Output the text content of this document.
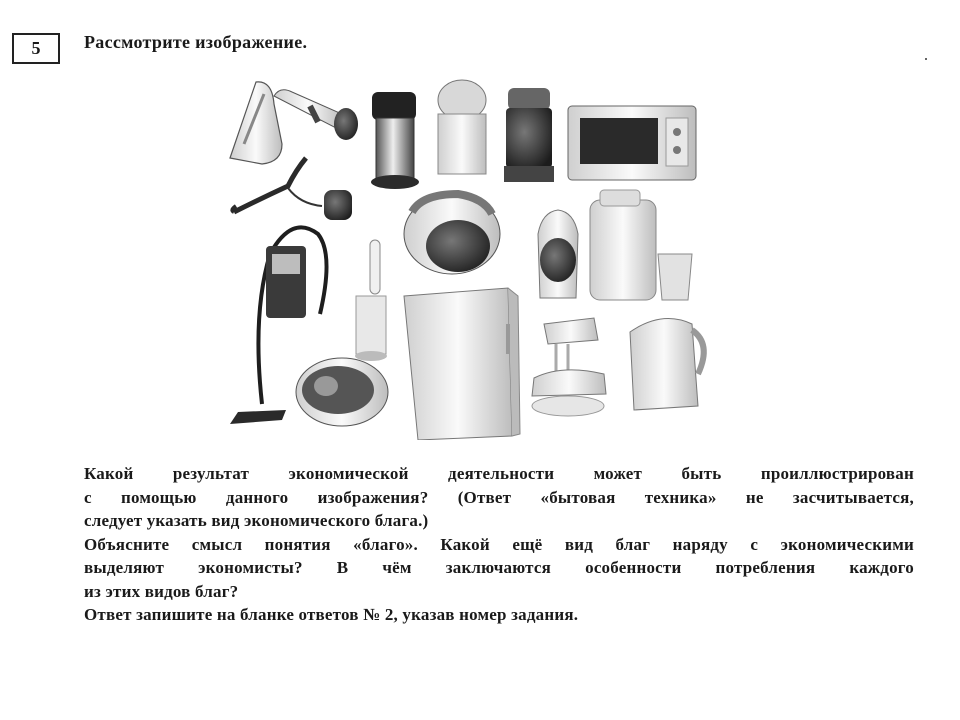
5 Рассмотрите изображение.

Какой результат экономической деятельности может быть проиллюстрирован

с помощью данного изображения? (Ответ «бытовая техника» не засчитывается,

следует указать вид экономического блага.)

Объясните смысл понятия «благо». Какой ещё вид благ наряду с экономическими

выделяют экономисты? В чём заключаются особенности потребления каждого

из этих видов благ?

Ответ запишите на бланке ответов № 2, указав номер задания.
